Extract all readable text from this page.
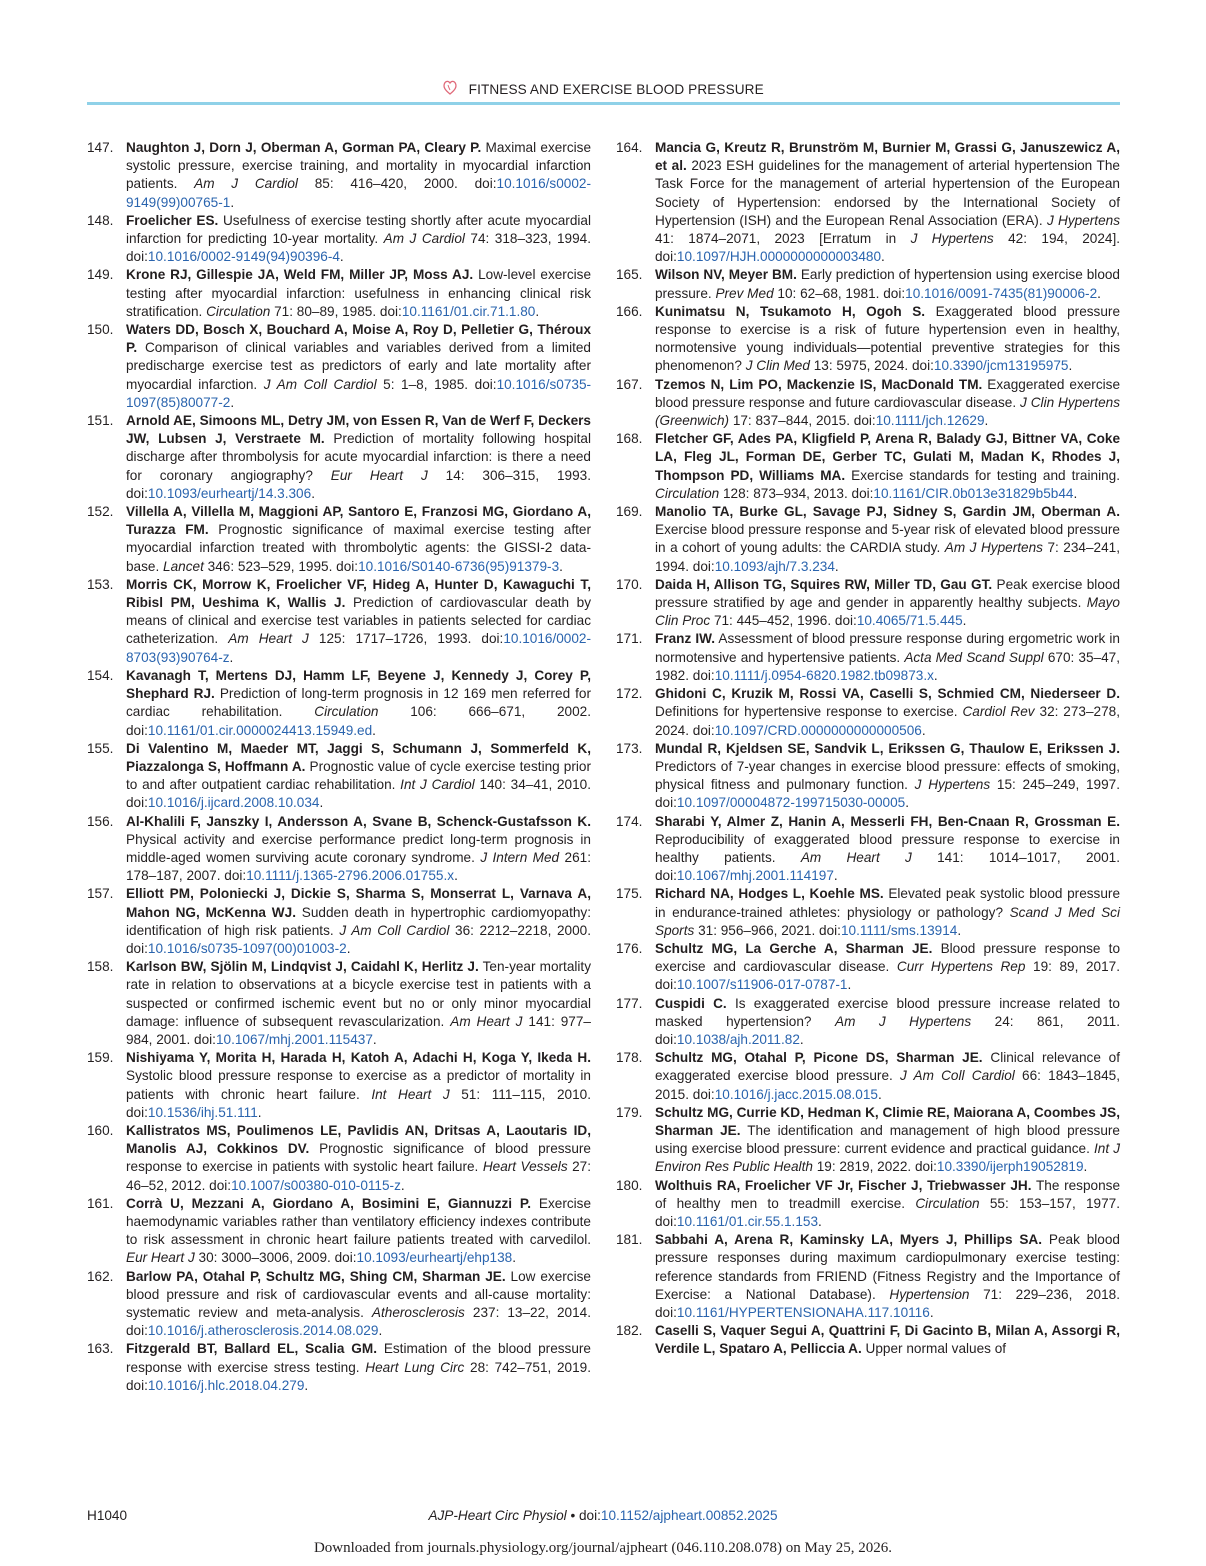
FITNESS AND EXERCISE BLOOD PRESSURE
147. Naughton J, Dorn J, Oberman A, Gorman PA, Cleary P. Maximal exercise systolic pressure, exercise training, and mortality in myocardial infarction patients. Am J Cardiol 85: 416–420, 2000. doi:10.1016/s0002-9149(99)00765-1.
148. Froelicher ES. Usefulness of exercise testing shortly after acute myocardial infarction for predicting 10-year mortality. Am J Cardiol 74: 318–323, 1994. doi:10.1016/0002-9149(94)90396-4.
149. Krone RJ, Gillespie JA, Weld FM, Miller JP, Moss AJ. Low-level exercise testing after myocardial infarction: usefulness in enhancing clinical risk stratification. Circulation 71: 80–89, 1985. doi:10.1161/01.cir.71.1.80.
150. Waters DD, Bosch X, Bouchard A, Moise A, Roy D, Pelletier G, Théroux P. Comparison of clinical variables and variables derived from a limited predischarge exercise test as predictors of early and late mortality after myocardial infarction. J Am Coll Cardiol 5: 1–8, 1985. doi:10.1016/s0735-1097(85)80077-2.
151. Arnold AE, Simoons ML, Detry JM, von Essen R, Van de Werf F, Deckers JW, Lubsen J, Verstraete M. Prediction of mortality following hospital discharge after thrombolysis for acute myocardial infarction: is there a need for coronary angiography? Eur Heart J 14: 306–315, 1993. doi:10.1093/eurheartj/14.3.306.
152. Villella A, Villella M, Maggioni AP, Santoro E, Franzosi MG, Giordano A, Turazza FM. Prognostic significance of maximal exercise testing after myocardial infarction treated with thrombolytic agents: the GISSI-2 data-base. Lancet 346: 523–529, 1995. doi:10.1016/S0140-6736(95)91379-3.
153. Morris CK, Morrow K, Froelicher VF, Hideg A, Hunter D, Kawaguchi T, Ribisl PM, Ueshima K, Wallis J. Prediction of cardiovascular death by means of clinical and exercise test variables in patients selected for cardiac catheterization. Am Heart J 125: 1717–1726, 1993. doi:10.1016/0002-8703(93)90764-z.
154. Kavanagh T, Mertens DJ, Hamm LF, Beyene J, Kennedy J, Corey P, Shephard RJ. Prediction of long-term prognosis in 12 169 men referred for cardiac rehabilitation. Circulation 106: 666–671, 2002. doi:10.1161/01.cir.0000024413.15949.ed.
155. Di Valentino M, Maeder MT, Jaggi S, Schumann J, Sommerfeld K, Piazzalonga S, Hoffmann A. Prognostic value of cycle exercise testing prior to and after outpatient cardiac rehabilitation. Int J Cardiol 140: 34–41, 2010. doi:10.1016/j.ijcard.2008.10.034.
156. Al-Khalili F, Janszky I, Andersson A, Svane B, Schenck-Gustafsson K. Physical activity and exercise performance predict long-term prognosis in middle-aged women surviving acute coronary syndrome. J Intern Med 261: 178–187, 2007. doi:10.1111/j.1365-2796.2006.01755.x.
157. Elliott PM, Poloniecki J, Dickie S, Sharma S, Monserrat L, Varnava A, Mahon NG, McKenna WJ. Sudden death in hypertrophic cardiomyopathy: identification of high risk patients. J Am Coll Cardiol 36: 2212–2218, 2000. doi:10.1016/s0735-1097(00)01003-2.
158. Karlson BW, Sjölin M, Lindqvist J, Caidahl K, Herlitz J. Ten-year mortality rate in relation to observations at a bicycle exercise test in patients with a suspected or confirmed ischemic event but no or only minor myocardial damage: influence of subsequent revascularization. Am Heart J 141: 977–984, 2001. doi:10.1067/mhj.2001.115437.
159. Nishiyama Y, Morita H, Harada H, Katoh A, Adachi H, Koga Y, Ikeda H. Systolic blood pressure response to exercise as a predictor of mortality in patients with chronic heart failure. Int Heart J 51: 111–115, 2010. doi:10.1536/ihj.51.111.
160. Kallistratos MS, Poulimenos LE, Pavlidis AN, Dritsas A, Laoutaris ID, Manolis AJ, Cokkinos DV. Prognostic significance of blood pressure response to exercise in patients with systolic heart failure. Heart Vessels 27: 46–52, 2012. doi:10.1007/s00380-010-0115-z.
161. Corrà U, Mezzani A, Giordano A, Bosimini E, Giannuzzi P. Exercise haemodynamic variables rather than ventilatory efficiency indexes contribute to risk assessment in chronic heart failure patients treated with carvedilol. Eur Heart J 30: 3000–3006, 2009. doi:10.1093/eurheartj/ehp138.
162. Barlow PA, Otahal P, Schultz MG, Shing CM, Sharman JE. Low exercise blood pressure and risk of cardiovascular events and all-cause mortality: systematic review and meta-analysis. Atherosclerosis 237: 13–22, 2014. doi:10.1016/j.atherosclerosis.2014.08.029.
163. Fitzgerald BT, Ballard EL, Scalia GM. Estimation of the blood pressure response with exercise stress testing. Heart Lung Circ 28: 742–751, 2019. doi:10.1016/j.hlc.2018.04.279.
164. Mancia G, Kreutz R, Brunström M, Burnier M, Grassi G, Januszewicz A, et al. 2023 ESH guidelines for the management of arterial hypertension The Task Force for the management of arterial hypertension of the European Society of Hypertension: endorsed by the International Society of Hypertension (ISH) and the European Renal Association (ERA). J Hypertens 41: 1874–2071, 2023 [Erratum in J Hypertens 42: 194, 2024]. doi:10.1097/HJH.0000000000003480.
165. Wilson NV, Meyer BM. Early prediction of hypertension using exercise blood pressure. Prev Med 10: 62–68, 1981. doi:10.1016/0091-7435(81)90006-2.
166. Kunimatsu N, Tsukamoto H, Ogoh S. Exaggerated blood pressure response to exercise is a risk of future hypertension even in healthy, normotensive young individuals—potential preventive strategies for this phenomenon? J Clin Med 13: 5975, 2024. doi:10.3390/jcm13195975.
167. Tzemos N, Lim PO, Mackenzie IS, MacDonald TM. Exaggerated exercise blood pressure response and future cardiovascular disease. J Clin Hypertens (Greenwich) 17: 837–844, 2015. doi:10.1111/jch.12629.
168. Fletcher GF, Ades PA, Kligfield P, Arena R, Balady GJ, Bittner VA, Coke LA, Fleg JL, Forman DE, Gerber TC, Gulati M, Madan K, Rhodes J, Thompson PD, Williams MA. Exercise standards for testing and training. Circulation 128: 873–934, 2013. doi:10.1161/CIR.0b013e31829b5b44.
169. Manolio TA, Burke GL, Savage PJ, Sidney S, Gardin JM, Oberman A. Exercise blood pressure response and 5-year risk of elevated blood pressure in a cohort of young adults: the CARDIA study. Am J Hypertens 7: 234–241, 1994. doi:10.1093/ajh/7.3.234.
170. Daida H, Allison TG, Squires RW, Miller TD, Gau GT. Peak exercise blood pressure stratified by age and gender in apparently healthy subjects. Mayo Clin Proc 71: 445–452, 1996. doi:10.4065/71.5.445.
171. Franz IW. Assessment of blood pressure response during ergometric work in normotensive and hypertensive patients. Acta Med Scand Suppl 670: 35–47, 1982. doi:10.1111/j.0954-6820.1982.tb09873.x.
172. Ghidoni C, Kruzik M, Rossi VA, Caselli S, Schmied CM, Niederseer D. Definitions for hypertensive response to exercise. Cardiol Rev 32: 273–278, 2024. doi:10.1097/CRD.0000000000000506.
173. Mundal R, Kjeldsen SE, Sandvik L, Erikssen G, Thaulow E, Erikssen J. Predictors of 7-year changes in exercise blood pressure: effects of smoking, physical fitness and pulmonary function. J Hypertens 15: 245–249, 1997. doi:10.1097/00004872-199715030-00005.
174. Sharabi Y, Almer Z, Hanin A, Messerli FH, Ben-Cnaan R, Grossman E. Reproducibility of exaggerated blood pressure response to exercise in healthy patients. Am Heart J 141: 1014–1017, 2001. doi:10.1067/mhj.2001.114197.
175. Richard NA, Hodges L, Koehle MS. Elevated peak systolic blood pressure in endurance-trained athletes: physiology or pathology? Scand J Med Sci Sports 31: 956–966, 2021. doi:10.1111/sms.13914.
176. Schultz MG, La Gerche A, Sharman JE. Blood pressure response to exercise and cardiovascular disease. Curr Hypertens Rep 19: 89, 2017. doi:10.1007/s11906-017-0787-1.
177. Cuspidi C. Is exaggerated exercise blood pressure increase related to masked hypertension? Am J Hypertens 24: 861, 2011. doi:10.1038/ajh.2011.82.
178. Schultz MG, Otahal P, Picone DS, Sharman JE. Clinical relevance of exaggerated exercise blood pressure. J Am Coll Cardiol 66: 1843–1845, 2015. doi:10.1016/j.jacc.2015.08.015.
179. Schultz MG, Currie KD, Hedman K, Climie RE, Maiorana A, Coombes JS, Sharman JE. The identification and management of high blood pressure using exercise blood pressure: current evidence and practical guidance. Int J Environ Res Public Health 19: 2819, 2022. doi:10.3390/ijerph19052819.
180. Wolthuis RA, Froelicher VF Jr, Fischer J, Triebwasser JH. The response of healthy men to treadmill exercise. Circulation 55: 153–157, 1977. doi:10.1161/01.cir.55.1.153.
181. Sabbahi A, Arena R, Kaminsky LA, Myers J, Phillips SA. Peak blood pressure responses during maximum cardiopulmonary exercise testing: reference standards from FRIEND (Fitness Registry and the Importance of Exercise: a National Database). Hypertension 71: 229–236, 2018. doi:10.1161/HYPERTENSIONAHA.117.10116.
182. Caselli S, Vaquer Segui A, Quattrini F, Di Gacinto B, Milan A, Assorgi R, Verdile L, Spataro A, Pelliccia A. Upper normal values of
H1040	AJP-Heart Circ Physiol • doi:10.1152/ajpheart.00852.2025
Downloaded from journals.physiology.org/journal/ajpheart (046.110.208.078) on May 25, 2026.
